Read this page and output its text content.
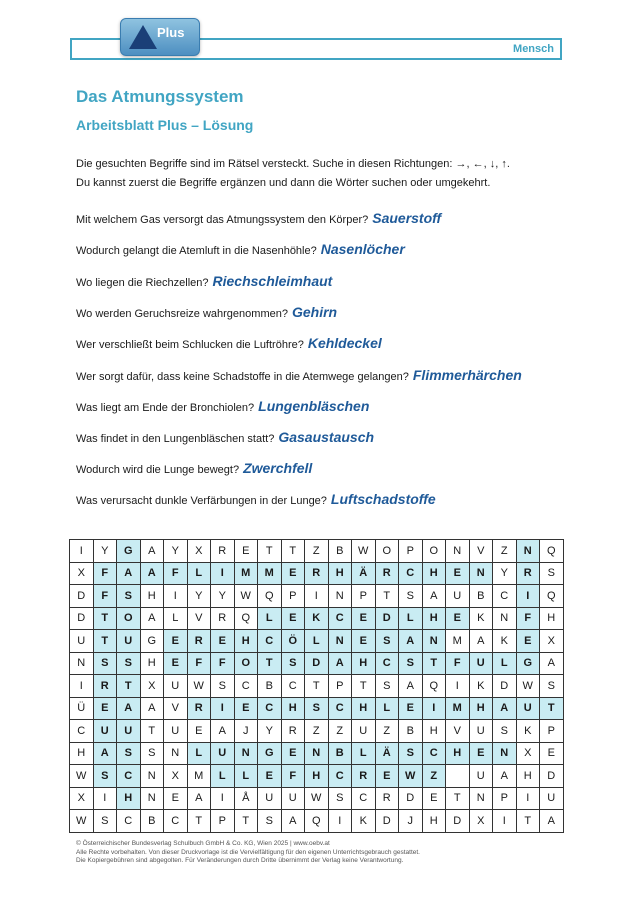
Mensch
Plus
Das Atmungssystem
Arbeitsblatt Plus – Lösung
Die gesuchten Begriffe sind im Rätsel versteckt. Suche in diesen Richtungen: →, ←, ↓, ↑.
Du kannst zuerst die Begriffe ergänzen und dann die Wörter suchen oder umgekehrt.
Mit welchem Gas versorgt das Atmungssystem den Körper? Sauerstoff
Wodurch gelangt die Atemluft in die Nasenhöhle? Nasenlöcher
Wo liegen die Riechzellen? Riechschleimhaut
Wo werden Geruchsreize wahrgenommen? Gehirn
Wer verschließt beim Schlucken die Luftröhre? Kehldeckel
Wer sorgt dafür, dass keine Schadstoffe in die Atemwege gelangen? Flimmerhärchen
Was liegt am Ende der Bronchiolen? Lungenbläschen
Was findet in den Lungenbläschen statt? Gasaustausch
Wodurch wird die Lunge bewegt? Zwerchfell
Was verursacht dunkle Verfärbungen in der Lunge? Luftschadstoffe
I	Y	G	A	Y	X	R	E	T	T	Z	B	W	O	P	O	N	V	Z	N	Q
X	F	A	A	F	L	I	M	M	E	R	H	Ä	R	C	H	E	N	Y	R	S
D	F	S	H	I	Y	Y	W	Q	P	I	N	P	T	S	A	U	B	C	I	Q
D	T	O	A	L	V	R	Q	L	E	K	C	E	D	L	H	E	K	N	F	H
U	T	U	G	E	R	E	H	C	Ö	L	N	E	S	A	N	M	A	K	E	X
N	S	S	H	E	F	F	O	T	S	D	A	H	C	S	T	F	U	L	G	A
I	R	T	X	U	W	S	C	B	C	T	P	T	S	A	Q	I	K	D	W	S
Ü	E	A	A	V	R	I	E	C	H	S	C	H	L	E	I	M	H	A	U	T
C	U	U	T	U	E	A	J	Y	R	Z	Z	U	Z	B	H	V	U	S	K	P
H	A	S	S	N	L	U	N	G	E	N	B	L	Ä	S	C	H	E	N	X	E
W	S	C	N	X	M	L	L	E	F	H	C	R	E	W	Z		U	A	H	D
X	I	H	N	E	A	I	Å	U	U	W	S	C	R	D	E	T	N	P	I	U
W	S	C	B	C	T	P	T	S	A	Q	I	K	D	J	H	D	X	I	T	A
© Österreichischer Bundesverlag Schulbuch GmbH & Co. KG, Wien 2025 | www.oebv.at
Alle Rechte vorbehalten. Von dieser Druckvorlage ist die Vervielfältigung für den eigenen Unterrichtsgebrauch gestattet.
Die Kopiergebühren sind abgegolten. Für Veränderungen durch Dritte übernimmt der Verlag keine Verantwortung.
